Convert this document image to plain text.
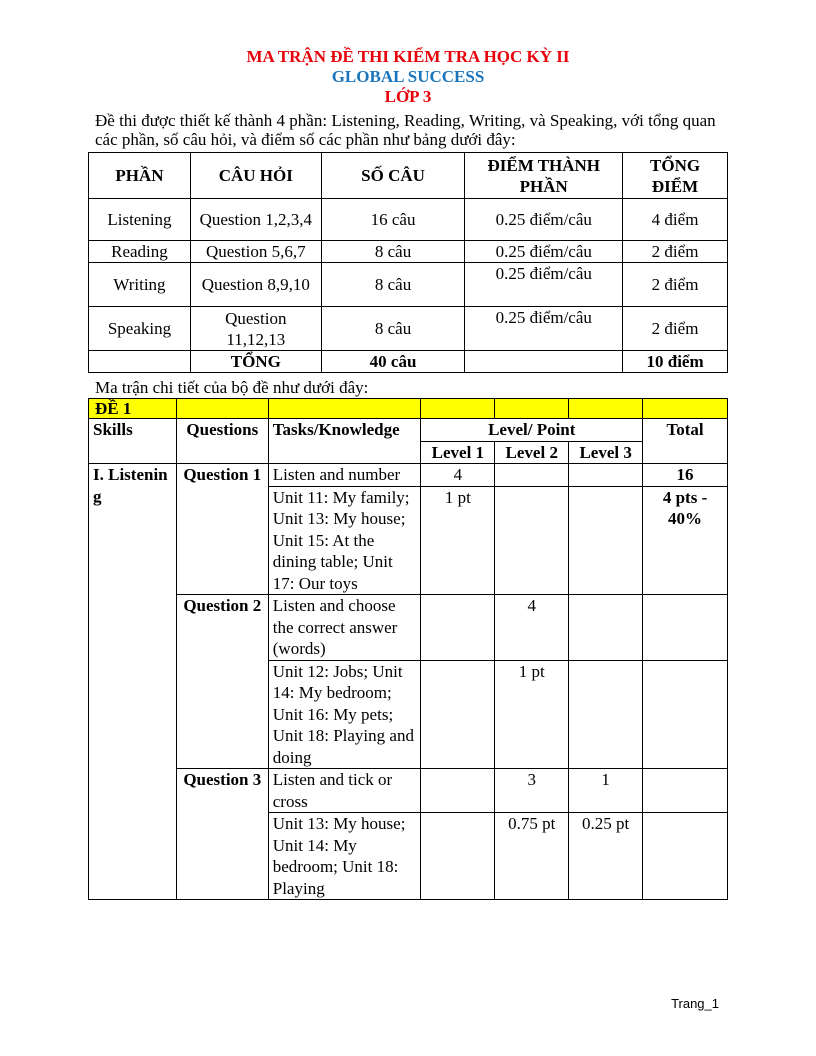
MA TRẬN ĐỀ THI KIỂM TRA HỌC KỲ II
GLOBAL SUCCESS
LỚP 3
Đề thi được thiết kế thành 4 phần: Listening, Reading, Writing, và Speaking, với tổng quan các phần, số câu hỏi, và điểm số các phần như bảng dưới đây:
PHẦN	CÂU HỎI	SỐ CÂU	ĐIỂM THÀNH PHẦN	TỔNG ĐIỂM
Listening	Question 1,2,3,4	16 câu	0.25 điểm/câu	4 điểm
Reading	Question 5,6,7	8 câu	0.25 điểm/câu	2 điểm
Writing	Question 8,9,10	8 câu	0.25 điểm/câu	2 điểm
Speaking	Question 11,12,13	8 câu	0.25 điểm/câu	2 điểm
	TỔNG	40 câu		10 điểm
Ma trận chi tiết của bộ đề như dưới đây:
ĐỀ 1						
Skills	Questions	Tasks/Knowledge	Level/ Point			Total
			Level 1	Level 2	Level 3	
I. Listening	Question 1	Listen and number	4			16
		Unit 11: My family; Unit 13: My house; Unit 15: At the dining table; Unit 17: Our toys	1 pt			4 pts - 40%
	Question 2	Listen and choose the correct answer (words)		4		
		Unit 12: Jobs; Unit 14: My bedroom; Unit 16: My pets; Unit 18: Playing and doing		1 pt		
	Question 3	Listen and tick or cross		3	1	
		Unit 13: My house; Unit 14: My bedroom; Unit 18: Playing		0.75 pt	0.25 pt	
Trang_1
